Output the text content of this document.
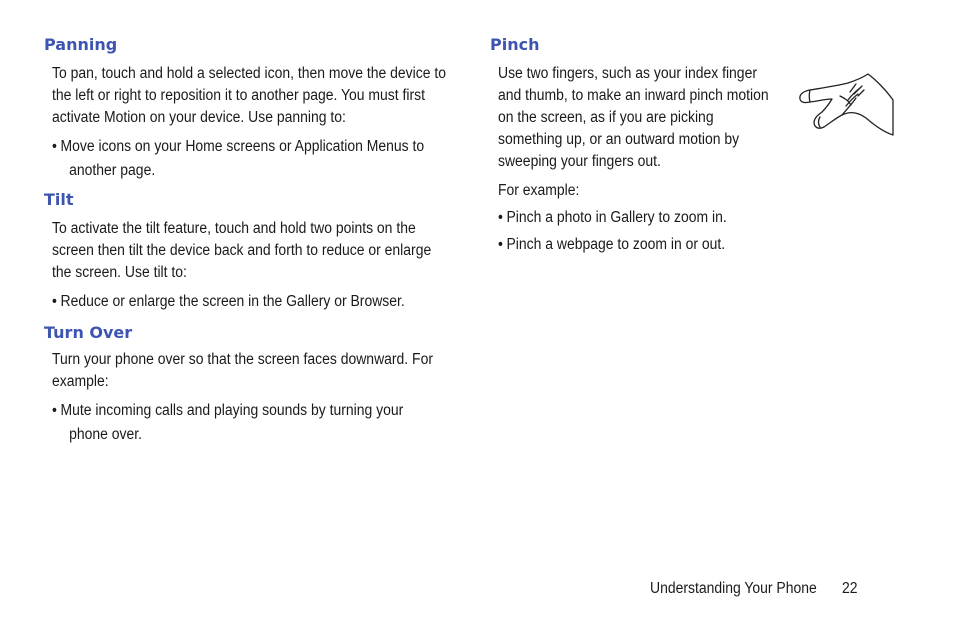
Panning

To pan, touch and hold a selected icon, then move the device to the left or right to reposition it to another page. You must first activate Motion on your device. Use panning to:

• Move icons on your Home screens or Application Menus to
another page.
Tilt

To activate the tilt feature, touch and hold two points on the screen then tilt the device back and forth to reduce or enlarge the screen. Use tilt to:

• Reduce or enlarge the screen in the Gallery or Browser.
Turn Over

Turn your phone over so that the screen faces downward. For example:

• Mute incoming calls and playing sounds by turning your
phone over.
Pinch

Use two fingers, such as your index finger and thumb, to make an inward pinch motion on the screen, as if you are picking something up, or an outward motion by sweeping your fingers out.

For example:

• Pinch a photo in Gallery to zoom in.
• Pinch a webpage to zoom in or out.
Understanding Your Phone 22
